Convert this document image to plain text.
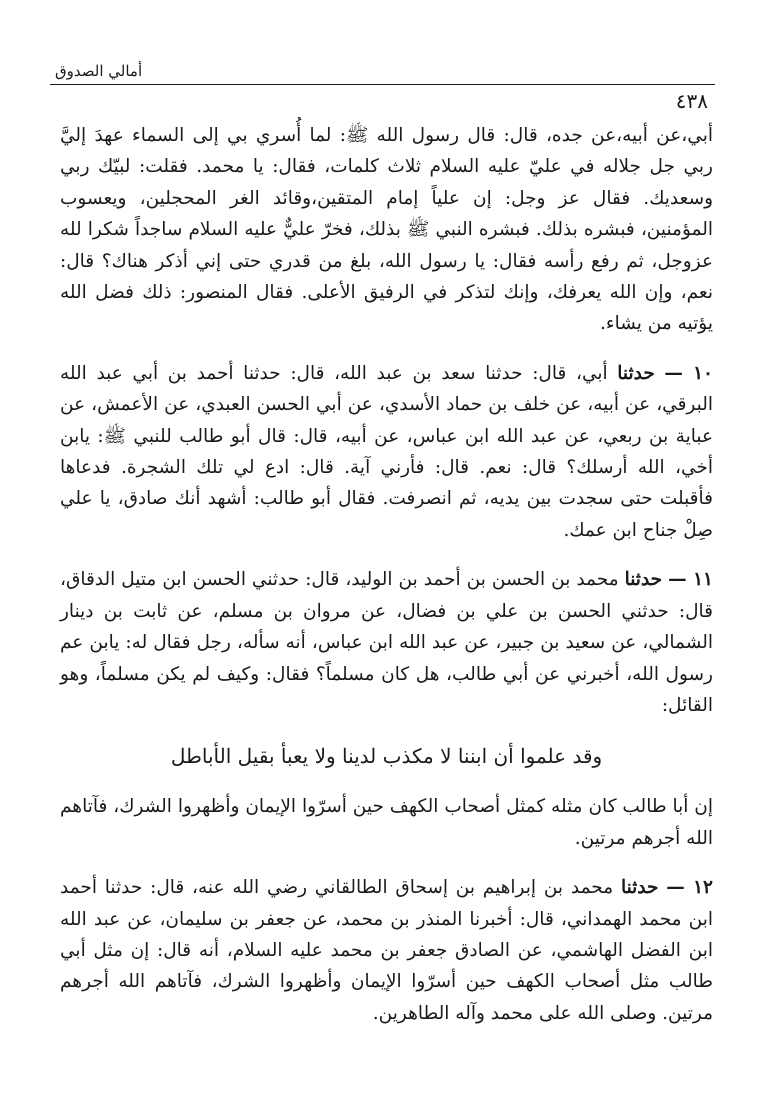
أمالي الصدوق
٤٣٨

أبي،عن أبيه،عن جده، قال: قال رسول الله ﷺ: لما أُسري بي إلى السماء عهدَ إليَّ ربي جل جلاله في عليّ عليه السلام ثلاث كلمات، فقال: يا محمد. فقلت: لبيّك ربي وسعديك. فقال عز وجل: إن علياً إمام المتقين،وقائد الغر المحجلين، ويعسوب المؤمنين، فبشره بذلك. فبشره النبي ﷺ بذلك، فخرّ عليٌّ عليه السلام ساجداً شكرا لله عزوجل، ثم رفع رأسه فقال: يا رسول الله، بلغ من قدري حتى إني أذكر هناك؟ قال: نعم، وإن الله يعرفك، وإنك لتذكر في الرفيق الأعلى. فقال المنصور: ذلك فضل الله يؤتيه من يشاء.

١٠ — حدثنا أبي، قال: حدثنا سعد بن عبد الله، قال: حدثنا أحمد بن أبي عبد الله البرقي، عن أبيه، عن خلف بن حماد الأسدي، عن أبي الحسن العبدي، عن الأعمش، عن عباية بن ربعي، عن عبد الله ابن عباس، عن أبيه، قال: قال أبو طالب للنبي ﷺ: يابن أخي، الله أرسلك؟ قال: نعم. قال: فأرني آية. قال: ادع لي تلك الشجرة. فدعاها فأقبلت حتى سجدت بين يديه، ثم انصرفت. فقال أبو طالب: أشهد أنك صادق، يا علي صِلْ جناح ابن عمك.

١١ — حدثنا محمد بن الحسن بن أحمد بن الوليد، قال: حدثني الحسن ابن متيل الدقاق، قال: حدثني الحسن بن علي بن فضال، عن مروان بن مسلم، عن ثابت بن دينار الشمالي، عن سعيد بن جبير، عن عبد الله ابن عباس، أنه سأله، رجل فقال له: يابن عم رسول الله، أخبرني عن أبي طالب، هل كان مسلماً؟ فقال: وكيف لم يكن مسلماً، وهو القائل:

وقد علموا أن ابننا لا مكذب لدينا ولا يعبأ بقيل الأباطل

إن أبا طالب كان مثله كمثل أصحاب الكهف حين أسرّوا الإيمان وأظهروا الشرك، فآتاهم الله أجرهم مرتين.

١٢ — حدثنا محمد بن إبراهيم بن إسحاق الطالقاني رضي الله عنه، قال: حدثنا أحمد ابن محمد الهمداني، قال: أخبرنا المنذر بن محمد، عن جعفر بن سليمان، عن عبد الله ابن الفضل الهاشمي، عن الصادق جعفر بن محمد عليه السلام، أنه قال: إن مثل أبي طالب مثل أصحاب الكهف حين أسرّوا الإيمان وأظهروا الشرك، فآتاهم الله أجرهم مرتين. وصلى الله على محمد وآله الطاهرين.
